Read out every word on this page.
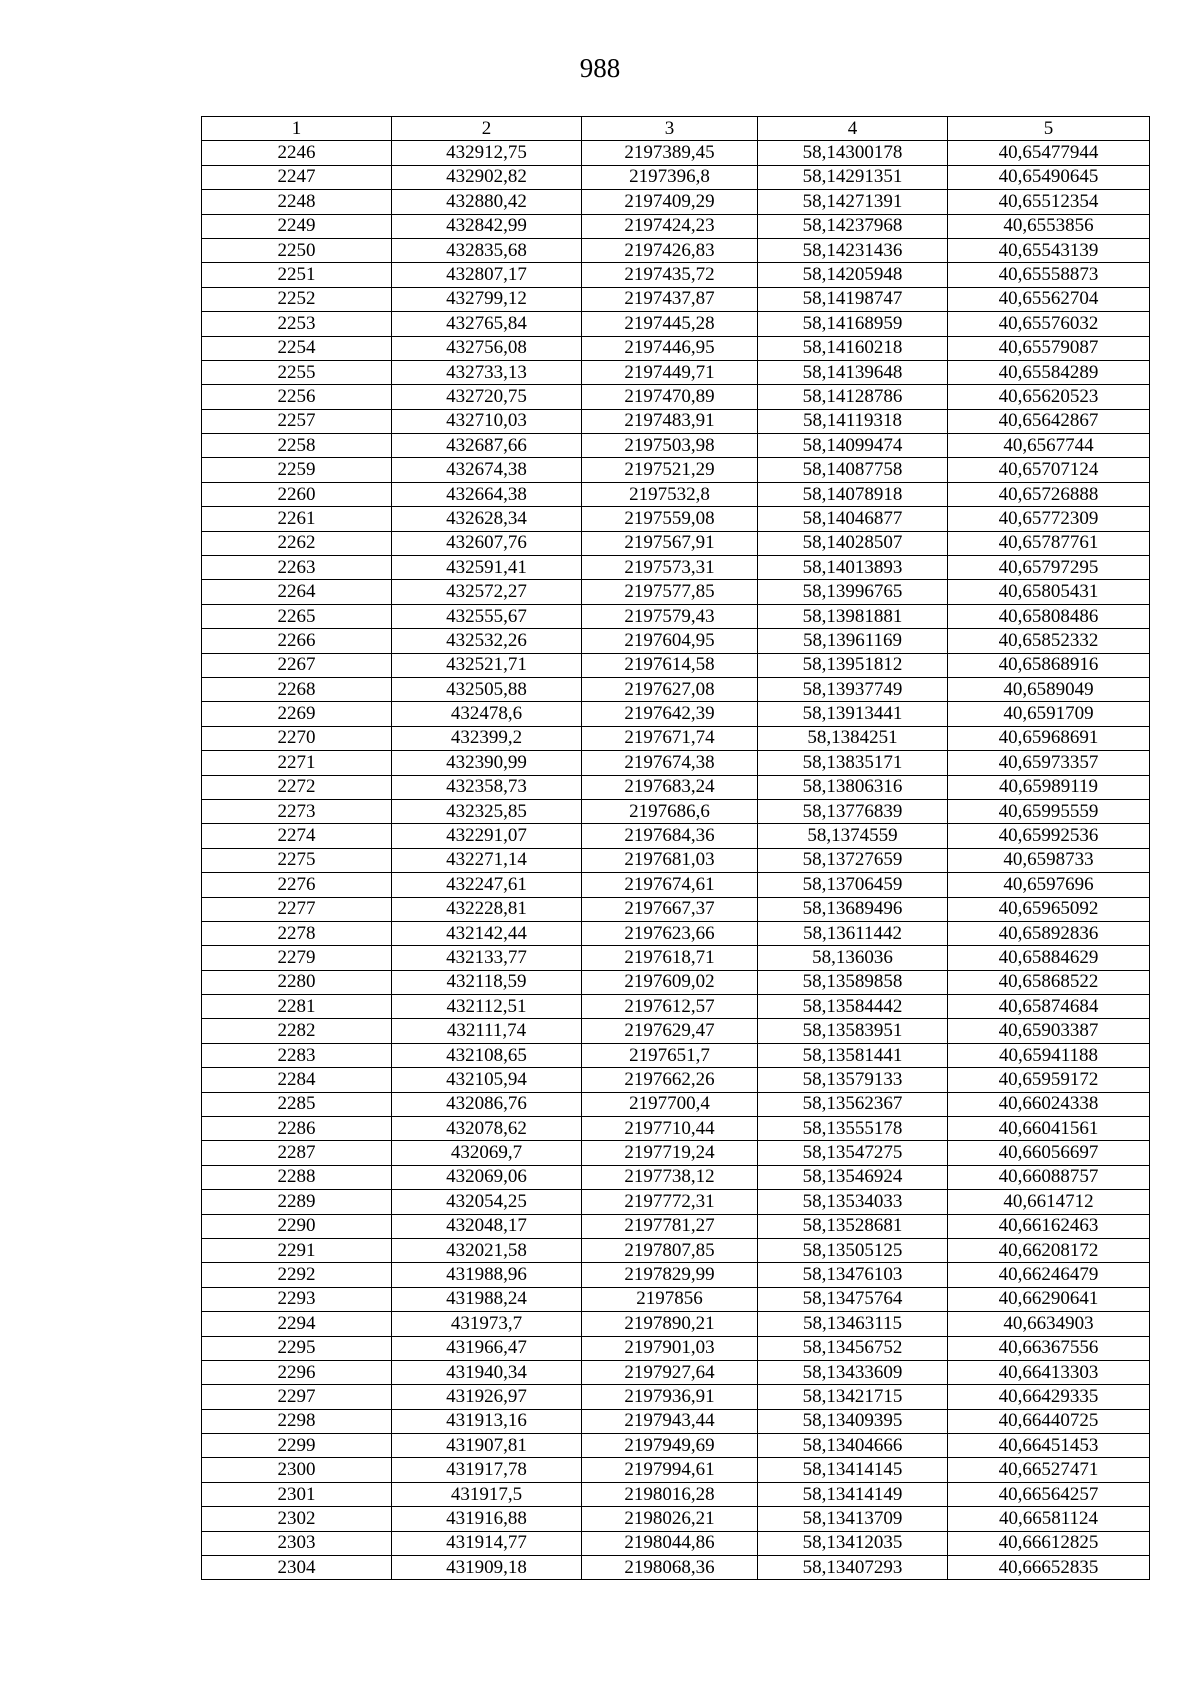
988
1	2	3	4	5
2246	432912,75	2197389,45	58,14300178	40,65477944
2247	432902,82	2197396,8	58,14291351	40,65490645
2248	432880,42	2197409,29	58,14271391	40,65512354
2249	432842,99	2197424,23	58,14237968	40,6553856
2250	432835,68	2197426,83	58,14231436	40,65543139
2251	432807,17	2197435,72	58,14205948	40,65558873
2252	432799,12	2197437,87	58,14198747	40,65562704
2253	432765,84	2197445,28	58,14168959	40,65576032
2254	432756,08	2197446,95	58,14160218	40,65579087
2255	432733,13	2197449,71	58,14139648	40,65584289
2256	432720,75	2197470,89	58,14128786	40,65620523
2257	432710,03	2197483,91	58,14119318	40,65642867
2258	432687,66	2197503,98	58,14099474	40,6567744
2259	432674,38	2197521,29	58,14087758	40,65707124
2260	432664,38	2197532,8	58,14078918	40,65726888
2261	432628,34	2197559,08	58,14046877	40,65772309
2262	432607,76	2197567,91	58,14028507	40,65787761
2263	432591,41	2197573,31	58,14013893	40,65797295
2264	432572,27	2197577,85	58,13996765	40,65805431
2265	432555,67	2197579,43	58,13981881	40,65808486
2266	432532,26	2197604,95	58,13961169	40,65852332
2267	432521,71	2197614,58	58,13951812	40,65868916
2268	432505,88	2197627,08	58,13937749	40,6589049
2269	432478,6	2197642,39	58,13913441	40,6591709
2270	432399,2	2197671,74	58,1384251	40,65968691
2271	432390,99	2197674,38	58,13835171	40,65973357
2272	432358,73	2197683,24	58,13806316	40,65989119
2273	432325,85	2197686,6	58,13776839	40,65995559
2274	432291,07	2197684,36	58,1374559	40,65992536
2275	432271,14	2197681,03	58,13727659	40,6598733
2276	432247,61	2197674,61	58,13706459	40,6597696
2277	432228,81	2197667,37	58,13689496	40,65965092
2278	432142,44	2197623,66	58,13611442	40,65892836
2279	432133,77	2197618,71	58,136036	40,65884629
2280	432118,59	2197609,02	58,13589858	40,65868522
2281	432112,51	2197612,57	58,13584442	40,65874684
2282	432111,74	2197629,47	58,13583951	40,65903387
2283	432108,65	2197651,7	58,13581441	40,65941188
2284	432105,94	2197662,26	58,13579133	40,65959172
2285	432086,76	2197700,4	58,13562367	40,66024338
2286	432078,62	2197710,44	58,13555178	40,66041561
2287	432069,7	2197719,24	58,13547275	40,66056697
2288	432069,06	2197738,12	58,13546924	40,66088757
2289	432054,25	2197772,31	58,13534033	40,6614712
2290	432048,17	2197781,27	58,13528681	40,66162463
2291	432021,58	2197807,85	58,13505125	40,66208172
2292	431988,96	2197829,99	58,13476103	40,66246479
2293	431988,24	2197856	58,13475764	40,66290641
2294	431973,7	2197890,21	58,13463115	40,6634903
2295	431966,47	2197901,03	58,13456752	40,66367556
2296	431940,34	2197927,64	58,13433609	40,66413303
2297	431926,97	2197936,91	58,13421715	40,66429335
2298	431913,16	2197943,44	58,13409395	40,66440725
2299	431907,81	2197949,69	58,13404666	40,66451453
2300	431917,78	2197994,61	58,13414145	40,66527471
2301	431917,5	2198016,28	58,13414149	40,66564257
2302	431916,88	2198026,21	58,13413709	40,66581124
2303	431914,77	2198044,86	58,13412035	40,66612825
2304	431909,18	2198068,36	58,13407293	40,66652835
